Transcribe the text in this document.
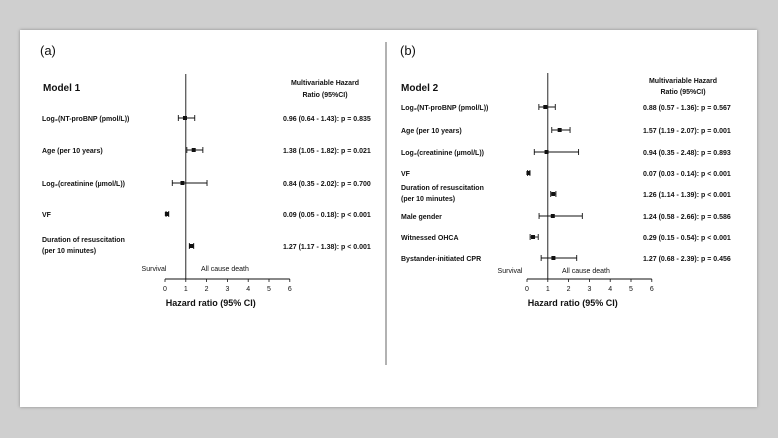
(a)
Model 1	Multivariable Hazard
Ratio (95%CI)
0 1 2 3 4 5 6
Survival	All cause death
Hazard ratio (95% CI)
Log₂(NT-proBNP (pmol/L))	0.96 (0.64 - 1.43): p = 0.835
Age (per 10 years)	1.38 (1.05 - 1.82): p = 0.021
Log₂(creatinine (µmol/L))	0.84 (0.35 - 2.02): p = 0.700
VF	0.09 (0.05 - 0.18): p < 0.001
Duration of resuscitation
(per 10 minutes)
1.27 (1.17 - 1.38): p < 0.001
(b)
Model 2
Multivariable Hazard
Ratio (95%CI)
0 1 2 3 4 5 6
Survival	All cause death
Hazard ratio (95% CI)
Log₂(NT-proBNP (pmol/L))	0.88 (0.57 - 1.36): p = 0.567
Age (per 10 years)	1.57 (1.19 - 2.07): p = 0.001
Log₂(creatinine (µmol/L))	0.94 (0.35 - 2.48): p = 0.893
VF	0.07 (0.03 - 0.14): p < 0.001
Duration of resuscitation
(per 10 minutes)
1.26 (1.14 - 1.39): p < 0.001
Male gender	1.24 (0.58 - 2.66): p = 0.586
Witnessed OHCA	0.29 (0.15 - 0.54): p < 0.001
Bystander-initiated CPR	1.27 (0.68 - 2.39): p = 0.456
